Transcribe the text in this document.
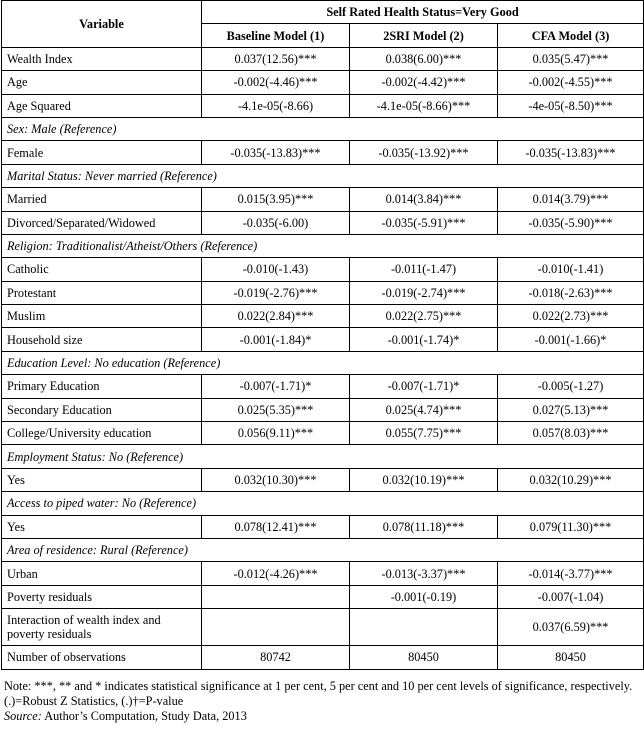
Variable	Self Rated Health Status=Very Good		
	Baseline Model (1)	2SRI Model (2)	CFA Model (3)
Wealth Index	0.037(12.56)***	0.038(6.00)***	0.035(5.47)***
Age	-0.002(-4.46)***	-0.002(-4.42)***	-0.002(-4.55)***
Age Squared	-4.1e-05(-8.66)	-4.1e-05(-8.66)***	-4e-05(-8.50)***
Sex: Male (Reference)			
Female	-0.035(-13.83)***	-0.035(-13.92)***	-0.035(-13.83)***
Marital Status: Never married (Reference)			
Married	0.015(3.95)***	0.014(3.84)***	0.014(3.79)***
Divorced/Separated/Widowed	-0.035(-6.00)	-0.035(-5.91)***	-0.035(-5.90)***
Religion: Traditionalist/Atheist/Others (Reference)			
Catholic	-0.010(-1.43)	-0.011(-1.47)	-0.010(-1.41)
Protestant	-0.019(-2.76)***	-0.019(-2.74)***	-0.018(-2.63)***
Muslim	0.022(2.84)***	0.022(2.75)***	0.022(2.73)***
Household size	-0.001(-1.84)*	-0.001(-1.74)*	-0.001(-1.66)*
Education Level: No education (Reference)			
Primary Education	-0.007(-1.71)*	-0.007(-1.71)*	-0.005(-1.27)
Secondary Education	0.025(5.35)***	0.025(4.74)***	0.027(5.13)***
College/University education	0.056(9.11)***	0.055(7.75)***	0.057(8.03)***
Employment Status: No (Reference)			
Yes	0.032(10.30)***	0.032(10.19)***	0.032(10.29)***
Access to piped water: No (Reference)			
Yes	0.078(12.41)***	0.078(11.18)***	0.079(11.30)***
Area of residence: Rural (Reference)			
Urban	-0.012(-4.26)***	-0.013(-3.37)***	-0.014(-3.77)***
Poverty residuals		-0.001(-0.19)	-0.007(-1.04)
Interaction of wealth index and poverty residuals			0.037(6.59)***
Number of observations	80742	80450	80450
Note: ***, ** and * indicates statistical significance at 1 per cent, 5 per cent and 10 per cent levels of significance, respectively. (.)=Robust Z Statistics, (.)†=P-value
Source: Author’s Computation, Study Data, 2013
